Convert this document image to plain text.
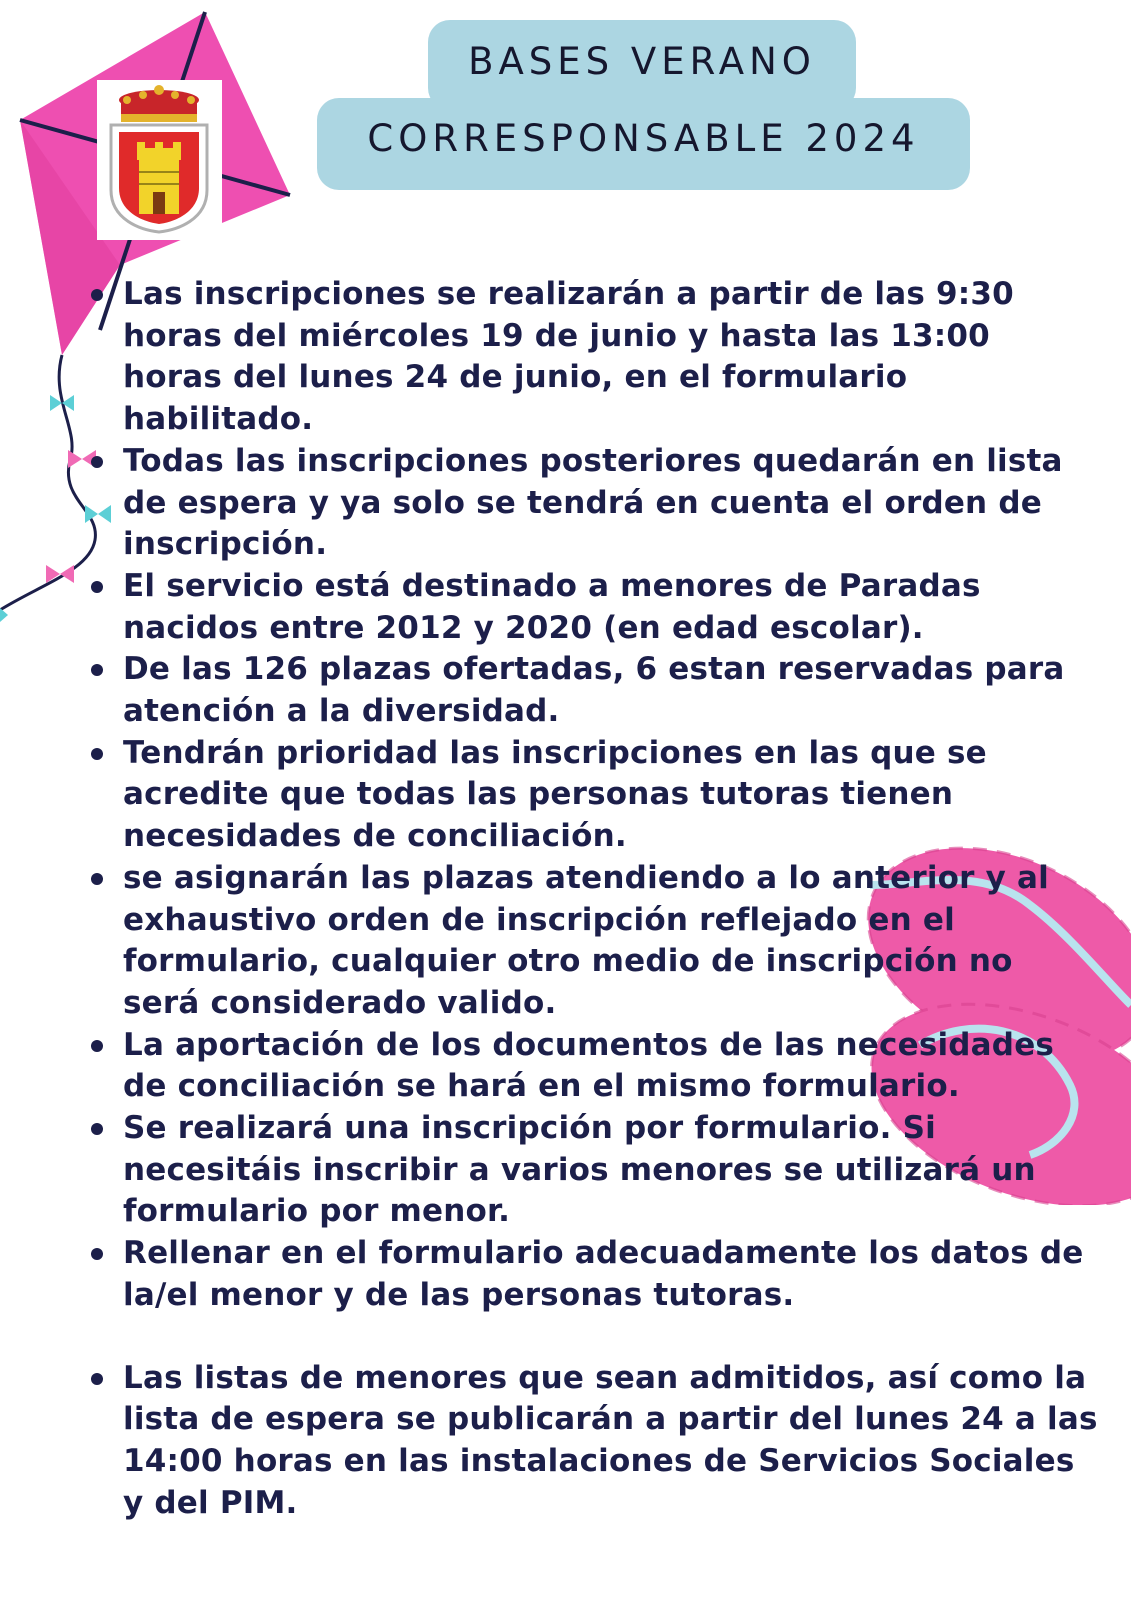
BASES VERANO
CORRESPONSABLE 2024
Las inscripciones se realizarán a partir de las 9:30 horas del miércoles 19 de junio y hasta las 13:00 horas del lunes 24 de junio, en el formulario habilitado.
Todas las inscripciones posteriores quedarán en lista de espera y ya solo se tendrá en cuenta el orden de inscripción.
El servicio está destinado a menores de Paradas nacidos entre 2012 y 2020 (en edad escolar).
De las 126 plazas ofertadas, 6 estan reservadas para atención a la diversidad.
Tendrán prioridad las inscripciones en las que se acredite que todas las personas tutoras tienen necesidades de conciliación.
se asignarán las plazas atendiendo a lo anterior y al exhaustivo orden de inscripción reflejado en el formulario, cualquier otro medio de inscripción no será considerado valido.
La aportación de los documentos de las necesidades de conciliación se hará en el mismo formulario.
Se realizará una inscripción por formulario. Si necesitáis inscribir a varios menores se utilizará un formulario por menor.
Rellenar en el formulario adecuadamente los datos de la/el menor y de las personas tutoras.
Las listas de menores que sean admitidos, así como la lista de espera se publicarán a partir del lunes 24 a las 14:00 horas en las instalaciones de Servicios Sociales y del PIM.
